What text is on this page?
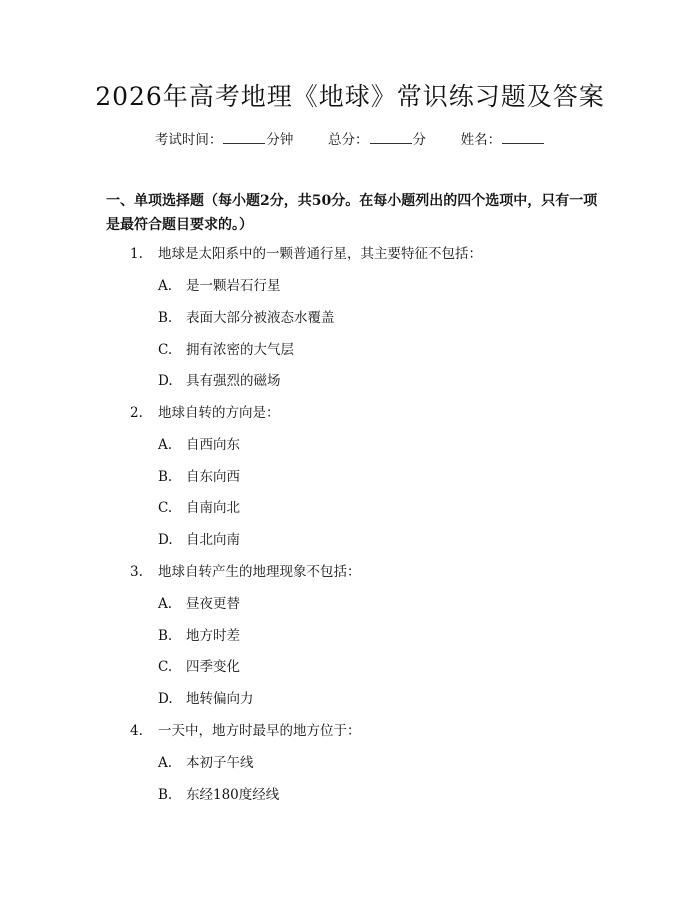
2026年高考地理《地球》常识练习题及答案
考试时间：	分钟	总分：	分	姓名：

一、单项选择题（每小题2分，共50分。在每小题列出的四个选项中，只有一项是最符合题目要求的。）

1. 地球是太阳系中的一颗普通行星，其主要特征不包括：
A. 是一颗岩石行星
B. 表面大部分被液态水覆盖
C. 拥有浓密的大气层
D. 具有强烈的磁场
2. 地球自转的方向是：
A. 自西向东
B. 自东向西
C. 自南向北
D. 自北向南
3. 地球自转产生的地理现象不包括：
A. 昼夜更替
B. 地方时差
C. 四季变化
D. 地转偏向力
4. 一天中，地方时最早的地方位于：
A. 本初子午线
B. 东经180度经线
